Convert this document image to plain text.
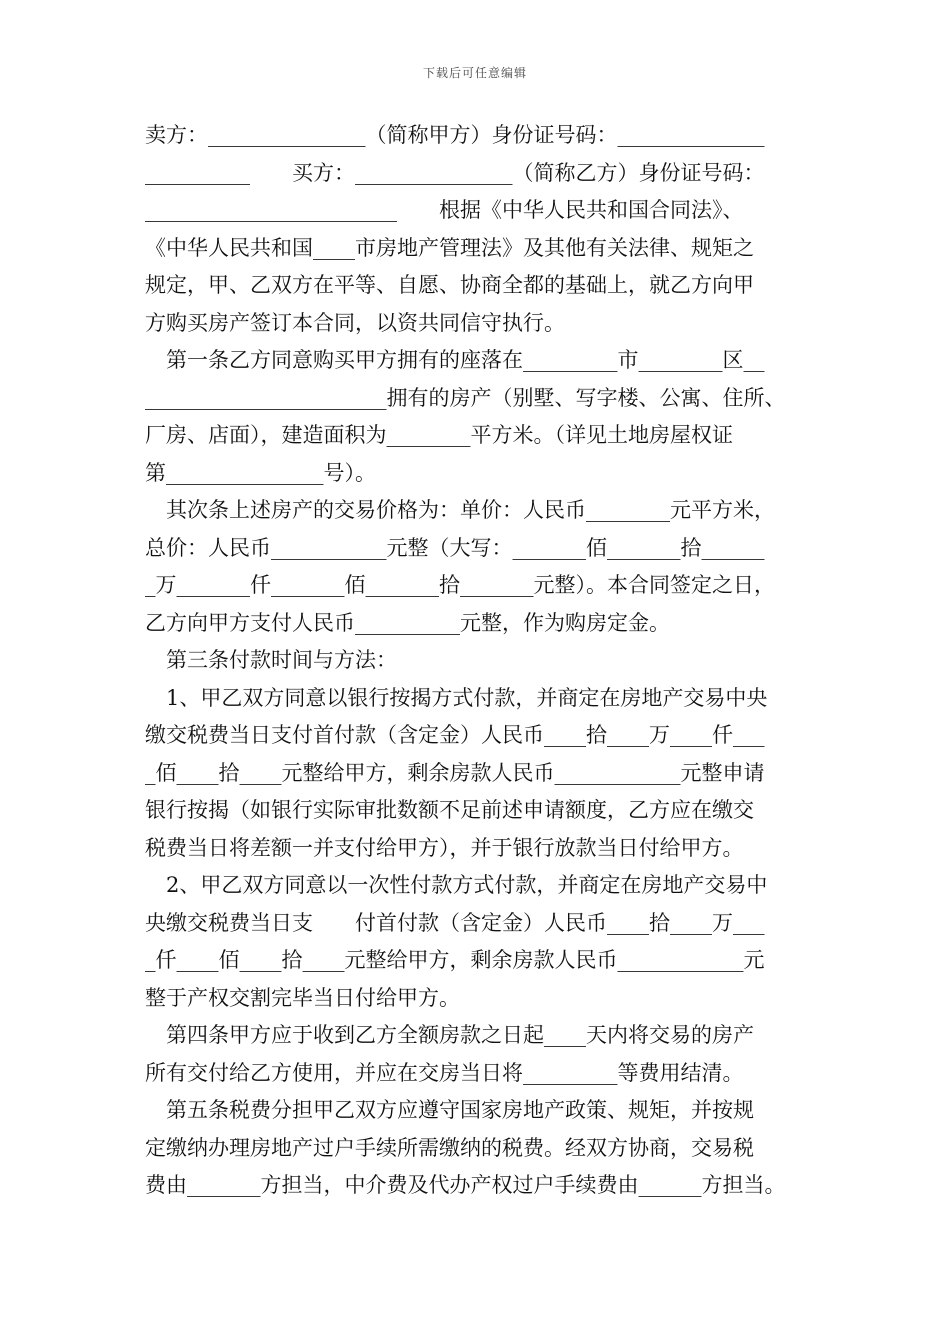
下载后可任意编辑
卖方：_______________（简称甲方）身份证号码：______________
__________　　买方：_______________（简称乙方）身份证号码：
________________________　　根据《中华人民共和国合同法》、
《中华人民共和国____市房地产管理法》及其他有关法律、规矩之
规定，甲、乙双方在平等、自愿、协商全都的基础上，就乙方向甲
方购买房产签订本合同，以资共同信守执行。
　第一条乙方同意购买甲方拥有的座落在_________市________区__
_______________________拥有的房产（别墅、写字楼、公寓、住所、
厂房、店面），建造面积为________平方米。（详见土地房屋权证
第_______________号）。
　其次条上述房产的交易价格为：单价：人民币________元平方米，
总价：人民币___________元整（大写：_______佰_______拾______
_万_______仟_______佰_______拾_______元整）。本合同签定之日，
乙方向甲方支付人民币__________元整，作为购房定金。
　第三条付款时间与方法：
　1、甲乙双方同意以银行按揭方式付款，并商定在房地产交易中央
缴交税费当日支付首付款（含定金）人民币____拾____万____仟___
_佰____拾____元整给甲方，剩余房款人民币____________元整申请
银行按揭（如银行实际审批数额不足前述申请额度，乙方应在缴交
税费当日将差额一并支付给甲方），并于银行放款当日付给甲方。
　2、甲乙双方同意以一次性付款方式付款，并商定在房地产交易中
央缴交税费当日支　　付首付款（含定金）人民币____拾____万___
_仟____佰____拾____元整给甲方，剩余房款人民币____________元
整于产权交割完毕当日付给甲方。
　第四条甲方应于收到乙方全额房款之日起____天内将交易的房产
所有交付给乙方使用，并应在交房当日将_________等费用结清。
　第五条税费分担甲乙双方应遵守国家房地产政策、规矩，并按规
定缴纳办理房地产过户手续所需缴纳的税费。经双方协商，交易税
费由_______方担当，中介费及代办产权过户手续费由______方担当。
